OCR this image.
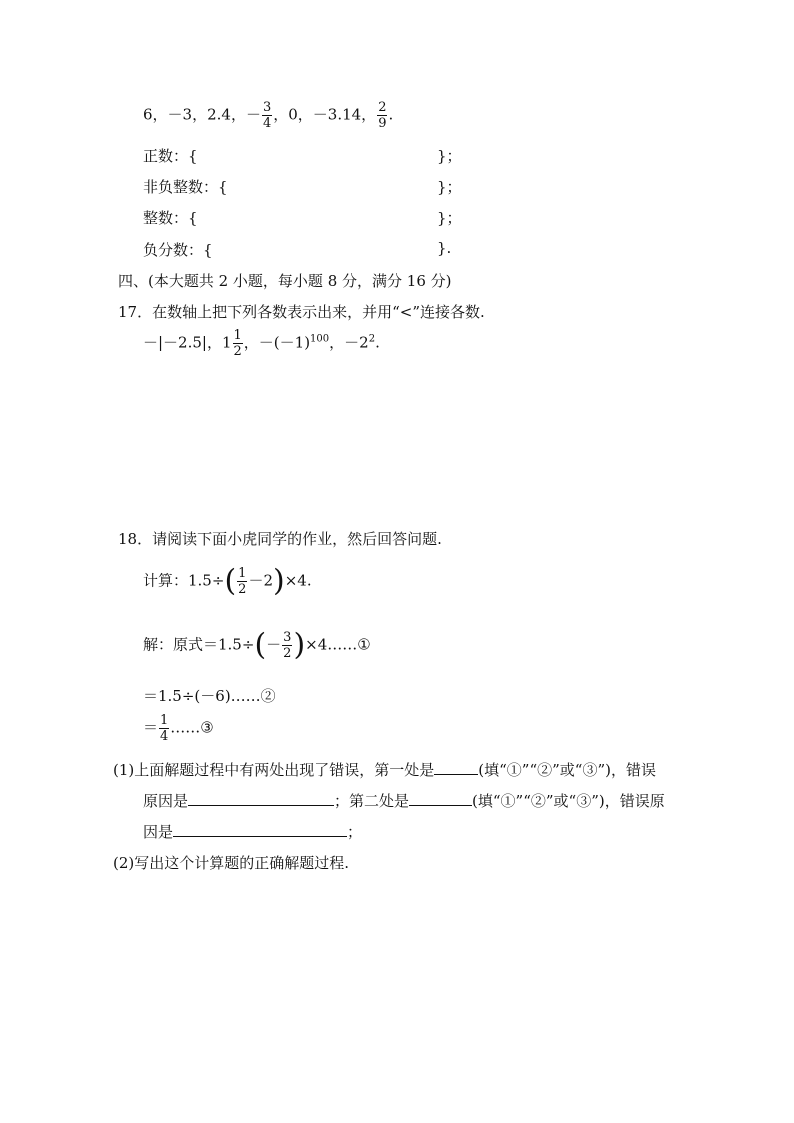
6，－3，2.4，－ $\frac{3}{4}$ ，0，－3.14， $\frac{2}{9}$ .
正数：{	}；
非负整数：{	}；
整数：{	}；
负分数：{	}.
四、(本大题共 2 小题，每小题 8 分，满分 16 分)
17．在数轴上把下列各数表示出来，并用“<”连接各数.
－|－2.5|，$1 \frac{1}{2}$ ，$-(-1)^{100}$，$-2^2$.
18．请阅读下面小虎同学的作业，然后回答问题.
计算：$1.5\div( \frac{1}{2} -2)\times 4$.
解：原式$=1.5\div(- \frac{3}{2}$ )×4……①
＝1.5÷(－6)……②
＝ $\frac{1}{4}$ ……③
(1)上面解题过程中有两处出现了错误，第一处是	(填“①”“②”或“③”)，错误
原因是	；第二处是	(填“①”“②”或“③”)，错误原
因是	；
(2)写出这个计算题的正确解题过程.
